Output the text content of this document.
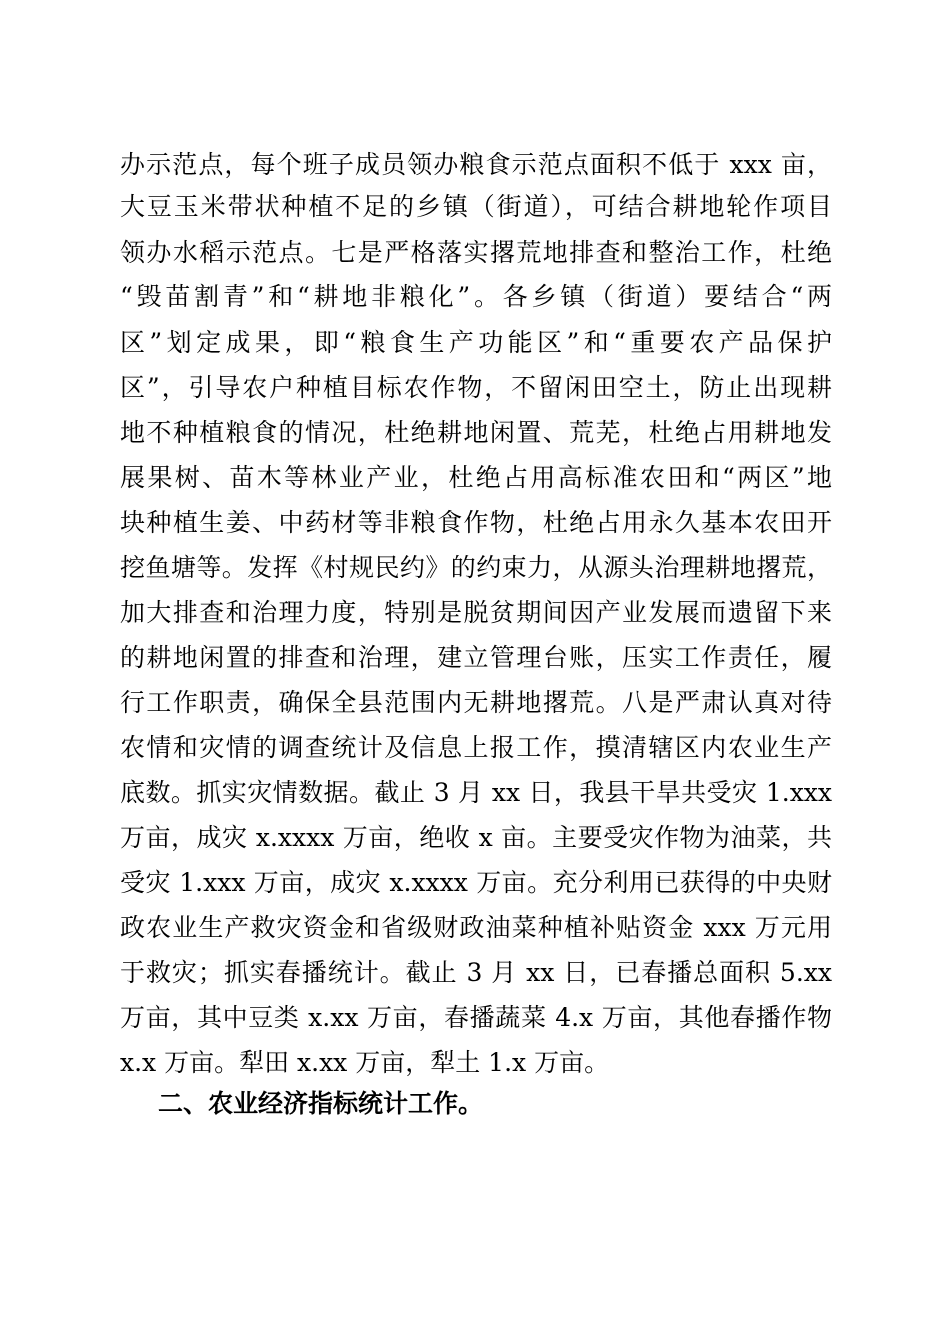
办示范点，每个班子成员领办粮食示范点面积不低于 xxx 亩，
大豆玉米带状种植不足的乡镇（街道），可结合耕地轮作项目
领办水稻示范点。七是严格落实撂荒地排查和整治工作，杜绝
“毁苗割青”和“耕地非粮化”。各乡镇（街道）要结合“两
区”划定成果，即“粮食生产功能区”和“重要农产品保护
区”，引导农户种植目标农作物，不留闲田空土，防止出现耕
地不种植粮食的情况，杜绝耕地闲置、荒芜，杜绝占用耕地发
展果树、苗木等林业产业，杜绝占用高标准农田和“两区”地
块种植生姜、中药材等非粮食作物，杜绝占用永久基本农田开
挖鱼塘等。发挥《村规民约》的约束力，从源头治理耕地撂荒，
加大排查和治理力度，特别是脱贫期间因产业发展而遗留下来
的耕地闲置的排查和治理，建立管理台账，压实工作责任，履
行工作职责，确保全县范围内无耕地撂荒。八是严肃认真对待
农情和灾情的调查统计及信息上报工作，摸清辖区内农业生产
底数。抓实灾情数据。截止 3 月 xx 日，我县干旱共受灾 1.xxx
万亩，成灾 x.xxxx 万亩，绝收 x 亩。主要受灾作物为油菜，共
受灾 1.xxx 万亩，成灾 x.xxxx 万亩。充分利用已获得的中央财
政农业生产救灾资金和省级财政油菜种植补贴资金 xxx 万元用
于救灾；抓实春播统计。截止 3 月 xx 日，已春播总面积 5.xx
万亩，其中豆类 x.xx 万亩，春播蔬菜 4.x 万亩，其他春播作物
x.x 万亩。犁田 x.xx 万亩，犁土 1.x 万亩。
二、农业经济指标统计工作。
